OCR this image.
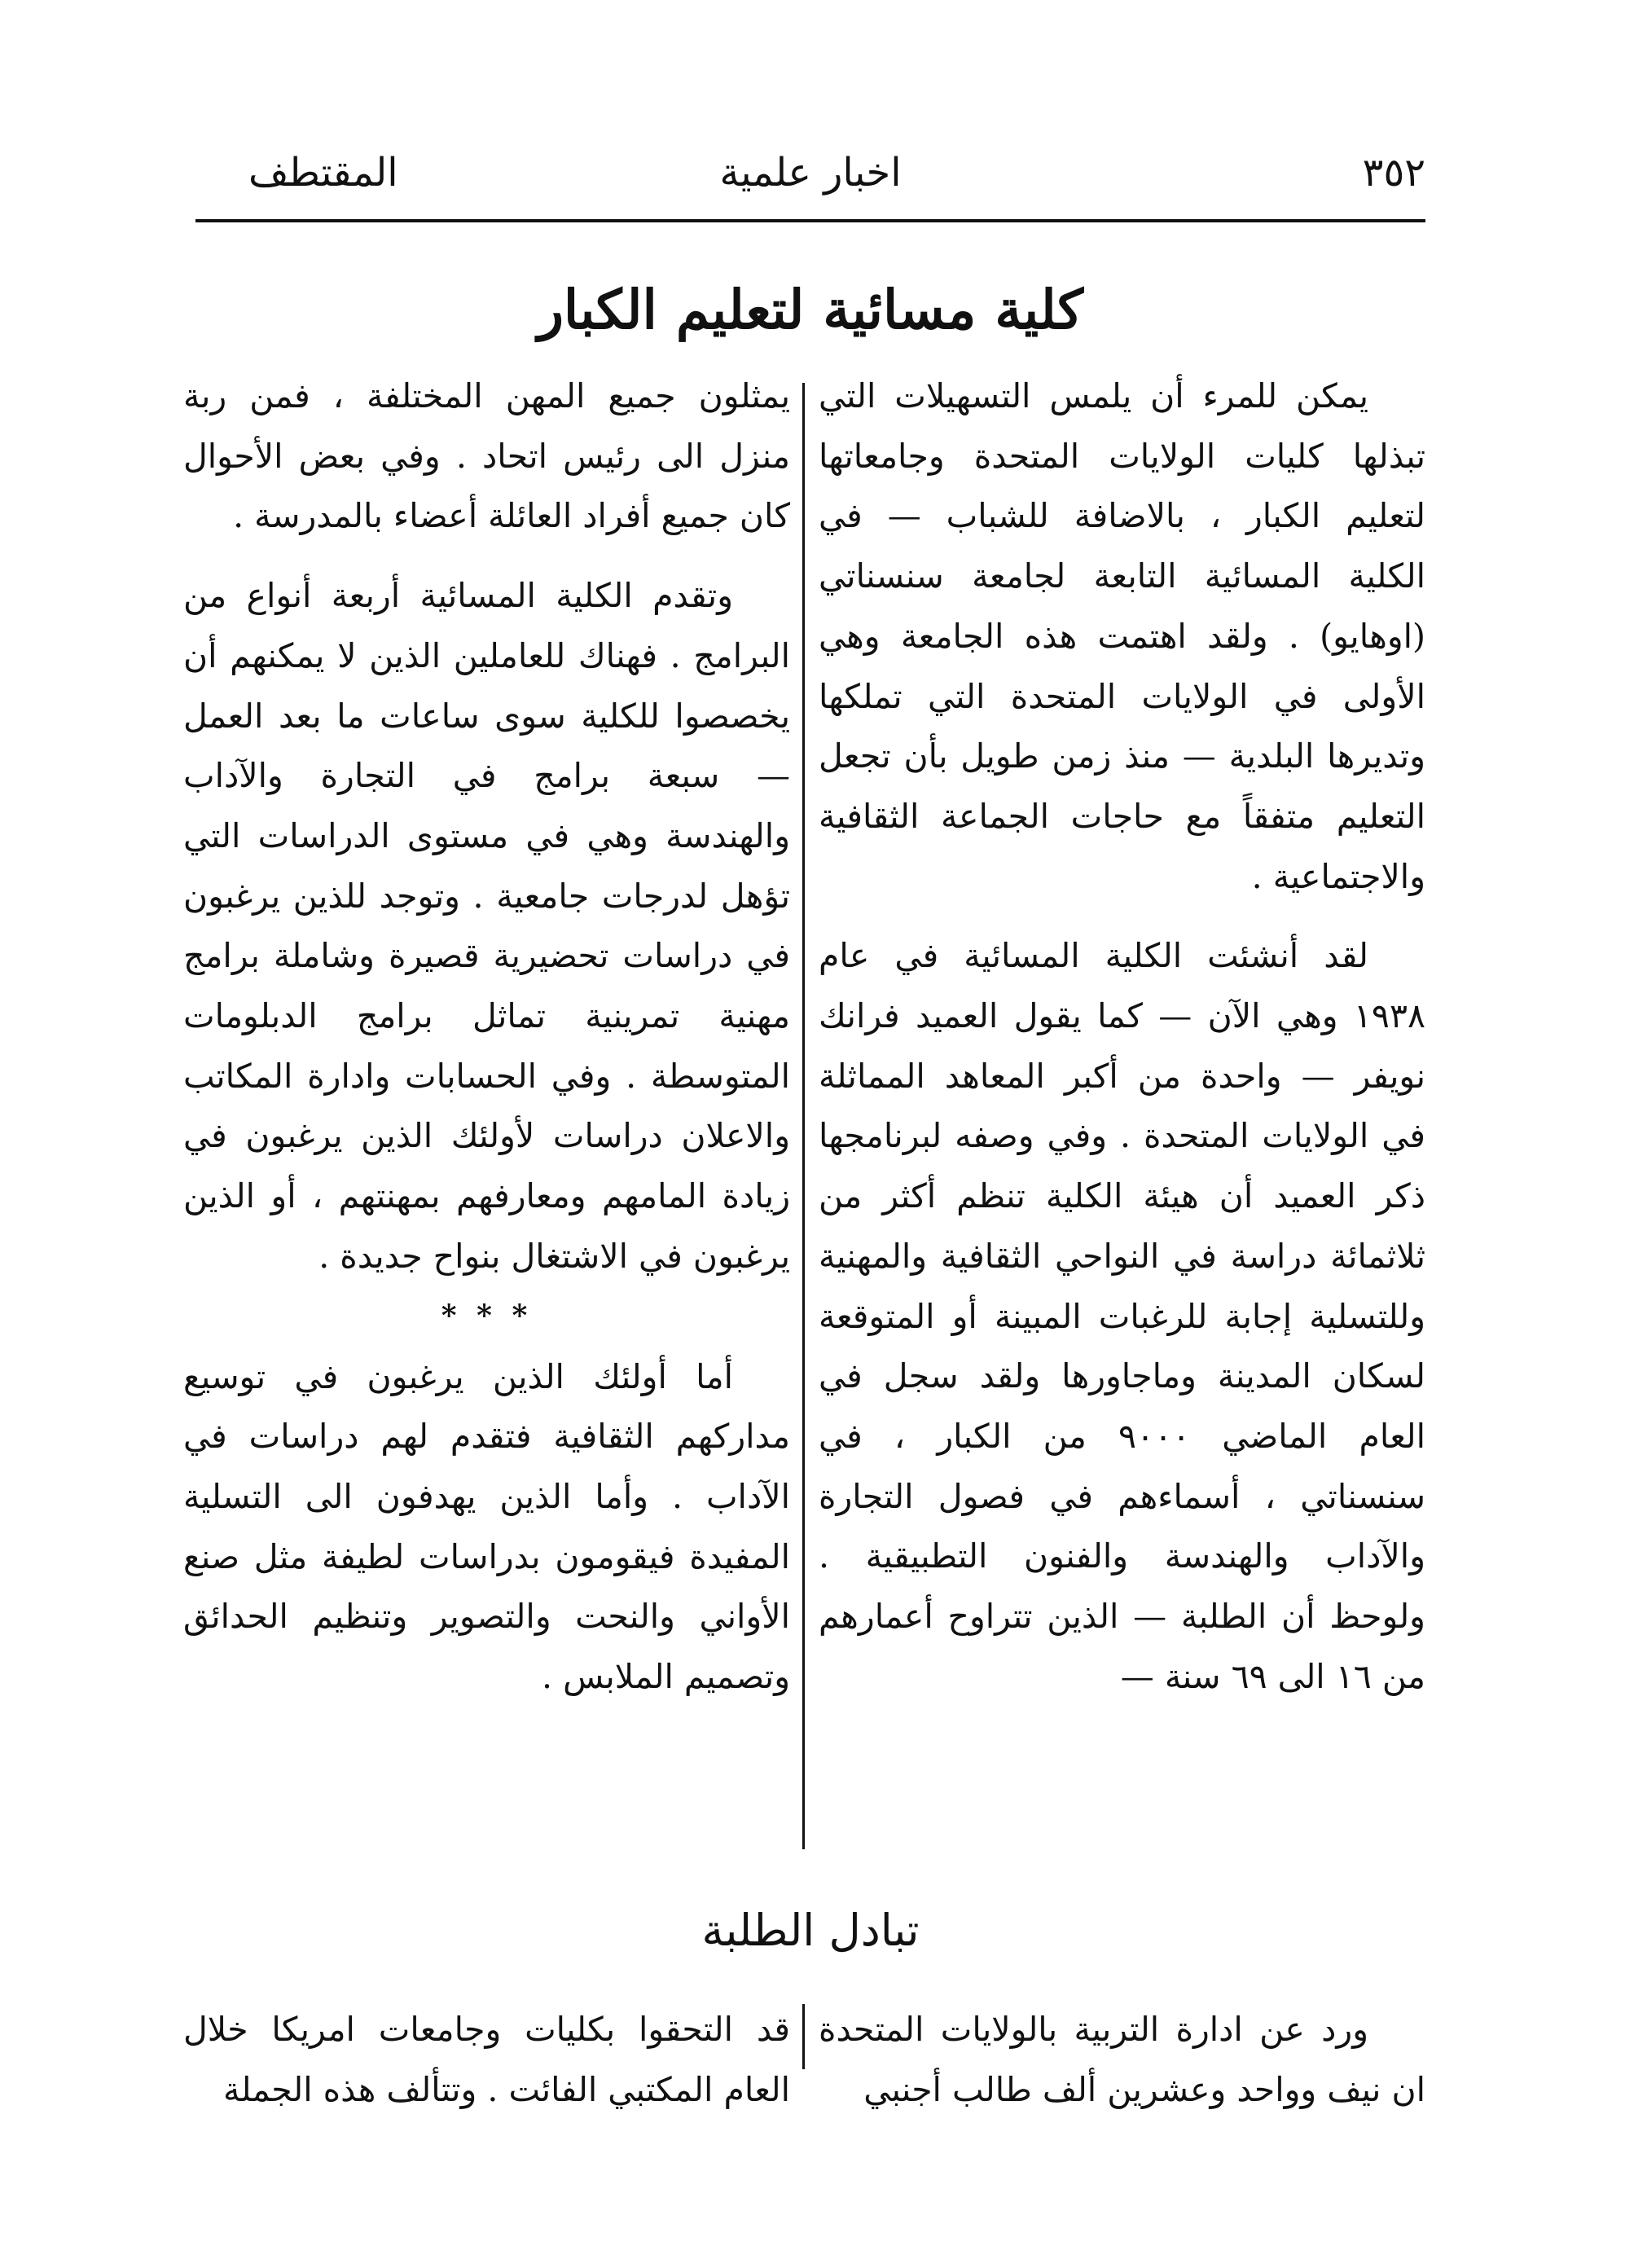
٣٥٢
اخبار علمية
المقتطف
كلية مسائية لتعليم الكبار

يمكن للمرء أن يلمس التسهيلات التي تبذلها كليات الولايات المتحدة وجامعاتها لتعليم الكبار ، بالاضافة للشباب — في الكلية المسائية التابعة لجامعة سنسناتي (اوهايو) . ولقد اهتمت هذه الجامعة وهي الأولى في الولايات المتحدة التي تملكها وتديرها البلدية — منذ زمن طويل بأن تجعل التعليم متفقاً مع حاجات الجماعة الثقافية والاجتماعية .

لقد أنشئت الكلية المسائية في عام ١٩٣٨ وهي الآن — كما يقول العميد فرانك نويفر — واحدة من أكبر المعاهد المماثلة في الولايات المتحدة . وفي وصفه لبرنامجها ذكر العميد أن هيئة الكلية تنظم أكثر من ثلاثمائة دراسة في النواحي الثقافية والمهنية وللتسلية إجابة للرغبات المبينة أو المتوقعة لسكان المدينة وماجاورها ولقد سجل في العام الماضي ٩٠٠٠ من الكبار ، في سنسناتي ، أسماءهم في فصول التجارة والآداب والهندسة والفنون التطبيقية . ولوحظ أن الطلبة — الذين تتراوح أعمارهم من ١٦ الى ٦٩ سنة —

يمثلون جميع المهن المختلفة ، فمن ربة منزل الى رئيس اتحاد . وفي بعض الأحوال كان جميع أفراد العائلة أعضاء بالمدرسة .

وتقدم الكلية المسائية أربعة أنواع من البرامج . فهناك للعاملين الذين لا يمكنهم أن يخصصوا للكلية سوى ساعات ما بعد العمل — سبعة برامج في التجارة والآداب والهندسة وهي في مستوى الدراسات التي تؤهل لدرجات جامعية . وتوجد للذين يرغبون في دراسات تحضيرية قصيرة وشاملة برامج مهنية تمرينية تماثل برامج الدبلومات المتوسطة . وفي الحسابات وادارة المكاتب والاعلان دراسات لأولئك الذين يرغبون في زيادة المامهم ومعارفهم بمهنتهم ، أو الذين يرغبون في الاشتغال بنواح جديدة .

* * *

أما أولئك الذين يرغبون في توسيع مداركهم الثقافية فتقدم لهم دراسات في الآداب . وأما الذين يهدفون الى التسلية المفيدة فيقومون بدراسات لطيفة مثل صنع الأواني والنحت والتصوير وتنظيم الحدائق وتصميم الملابس .

تبادل الطلبة

ورد عن ادارة التربية بالولايات المتحدة ان نيف وواحد وعشرين ألف طالب أجنبي

قد التحقوا بكليات وجامعات امريكا خلال العام المكتبي الفائت . وتتألف هذه الجملة
